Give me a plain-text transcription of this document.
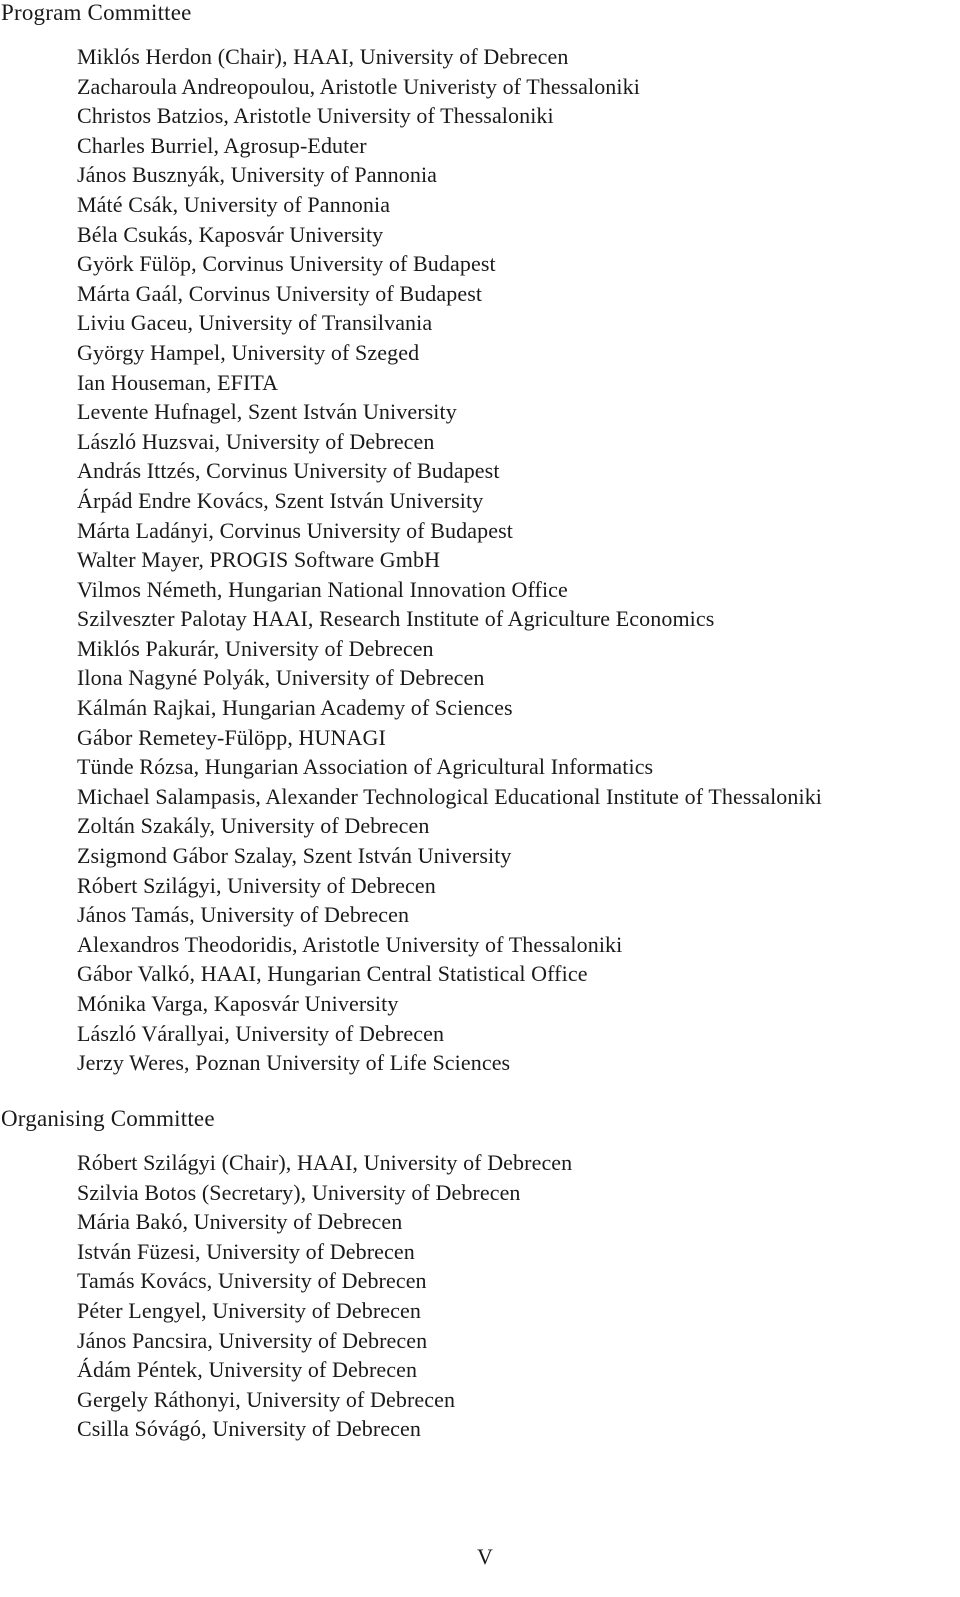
Program Committee
Miklós Herdon (Chair), HAAI, University of Debrecen
Zacharoula Andreopoulou, Aristotle Univeristy of Thessaloniki
Christos Batzios, Aristotle University of Thessaloniki
Charles Burriel, Agrosup-Eduter
János Busznyák, University of Pannonia
Máté Csák, University of Pannonia
Béla Csukás, Kaposvár University
Györk Fülöp, Corvinus University of Budapest
Márta Gaál, Corvinus University of Budapest
Liviu Gaceu, University of Transilvania
György Hampel, University of Szeged
Ian Houseman, EFITA
Levente Hufnagel, Szent István University
László Huzsvai, University of Debrecen
András Ittzés, Corvinus University of Budapest
Árpád Endre Kovács, Szent István University
Márta Ladányi, Corvinus University of Budapest
Walter Mayer, PROGIS Software GmbH
Vilmos Németh, Hungarian National Innovation Office
Szilveszter Palotay HAAI, Research Institute of Agriculture Economics
Miklós Pakurár, University of Debrecen
Ilona Nagyné Polyák, University of Debrecen
Kálmán Rajkai, Hungarian Academy of Sciences
Gábor Remetey-Fülöpp, HUNAGI
Tünde Rózsa, Hungarian Association of Agricultural Informatics
Michael Salampasis, Alexander Technological Educational Institute of Thessaloniki
Zoltán Szakály, University of Debrecen
Zsigmond Gábor Szalay, Szent István University
Róbert Szilágyi, University of Debrecen
János Tamás, University of Debrecen
Alexandros Theodoridis, Aristotle University of Thessaloniki
Gábor Valkó, HAAI, Hungarian Central Statistical Office
Mónika Varga, Kaposvár University
László Várallyai, University of Debrecen
Jerzy Weres, Poznan University of Life Sciences
Organising Committee
Róbert Szilágyi (Chair), HAAI, University of Debrecen
Szilvia Botos (Secretary), University of Debrecen
Mária Bakó, University of Debrecen
István Füzesi, University of Debrecen
Tamás Kovács, University of Debrecen
Péter Lengyel, University of Debrecen
János Pancsira, University of Debrecen
Ádám Péntek, University of Debrecen
Gergely Ráthonyi, University of Debrecen
Csilla Sóvágó, University of Debrecen
V
